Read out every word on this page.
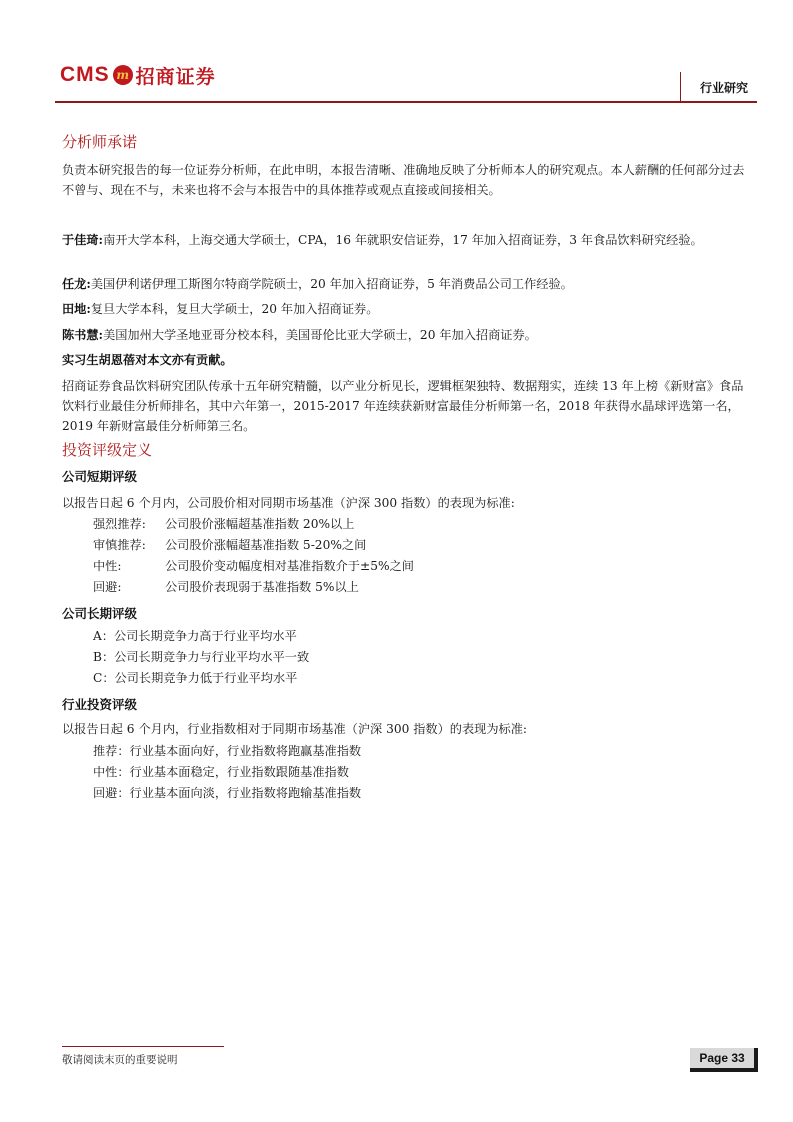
CMS m 招商证券
行业研究
分析师承诺
负责本研究报告的每一位证券分析师，在此申明，本报告清晰、准确地反映了分析师本人的研究观点。本人薪酬的任何部分过去不曾与、现在不与，未来也将不会与本报告中的具体推荐或观点直接或间接相关。
于佳琦:南开大学本科，上海交通大学硕士，CPA，16 年就职安信证券，17 年加入招商证券，3 年食品饮料研究经验。
任龙:美国伊利诺伊理工斯图尔特商学院硕士，20 年加入招商证券，5 年消费品公司工作经验。
田地:复旦大学本科，复旦大学硕士，20 年加入招商证券。
陈书慧:美国加州大学圣地亚哥分校本科，美国哥伦比亚大学硕士，20 年加入招商证券。
实习生胡恩蓓对本文亦有贡献。
招商证券食品饮料研究团队传承十五年研究精髓，以产业分析见长，逻辑框架独特、数据翔实，连续 13 年上榜《新财富》食品饮料行业最佳分析师排名，其中六年第一，2015-2017 年连续获新财富最佳分析师第一名，2018 年获得水晶球评选第一名，2019 年新财富最佳分析师第三名。
投资评级定义
公司短期评级
以报告日起 6 个月内，公司股价相对同期市场基准（沪深 300 指数）的表现为标准:
强烈推荐: 公司股价涨幅超基准指数 20%以上
审慎推荐: 公司股价涨幅超基准指数 5-20%之间
中性:	公司股价变动幅度相对基准指数介于±5%之间
回避:	公司股价表现弱于基准指数 5%以上
公司长期评级
A：公司长期竞争力高于行业平均水平
B：公司长期竞争力与行业平均水平一致
C：公司长期竞争力低于行业平均水平
行业投资评级
以报告日起 6 个月内，行业指数相对于同期市场基准（沪深 300 指数）的表现为标准:
推荐：行业基本面向好，行业指数将跑赢基准指数
中性：行业基本面稳定，行业指数跟随基准指数
回避：行业基本面向淡，行业指数将跑输基准指数
敬请阅读末页的重要说明	Page 33
